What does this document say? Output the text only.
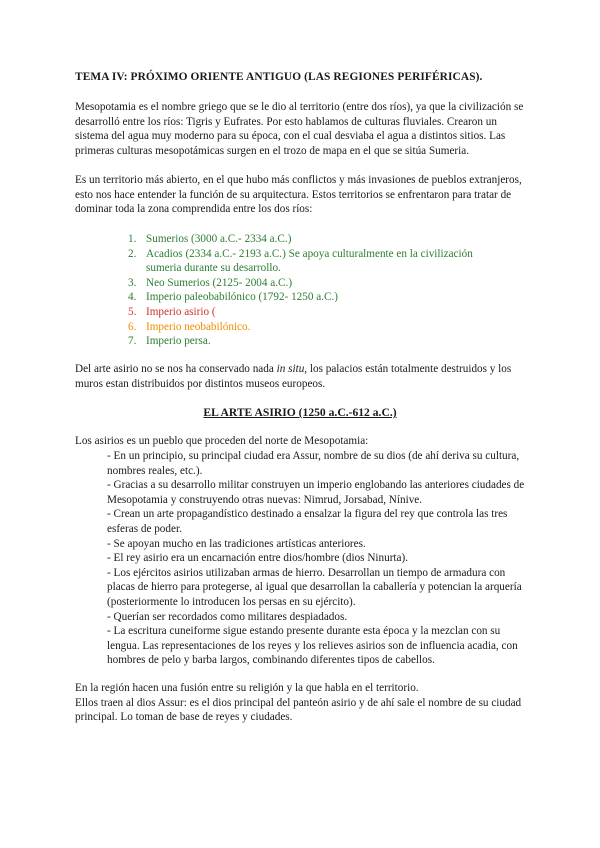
TEMA IV: PRÓXIMO ORIENTE ANTIGUO (LAS REGIONES PERIFÉRICAS).

Mesopotamia es el nombre griego que se le dio al territorio (entre dos ríos), ya que la civilización se desarrolló entre los ríos: Tigris y Eufrates. Por esto hablamos de culturas fluviales. Crearon un sistema del agua muy moderno para su época, con el cual desviaba el agua a distintos sitios. Las primeras culturas mesopotámicas surgen en el trozo de mapa en el que se sitúa Sumeria.

Es un territorio más abierto, en el que hubo más conflictos y más invasiones de pueblos extranjeros, esto nos hace entender la función de su arquitectura. Estos territorios se enfrentaron para tratar de dominar toda la zona comprendida entre los dos ríos:

1. Sumerios (3000 a.C.- 2334 a.C.)
2. Acadios (2334 a.C.- 2193 a.C.) Se apoya culturalmente en la civilización sumeria durante su desarrollo.
3. Neo Sumerios (2125- 2004 a.C.)
4. Imperio paleobabilónico (1792- 1250 a.C.)
5. Imperio asirio (
6. Imperio neobabilónico.
7. Imperio persa.

Del arte asirio no se nos ha conservado nada in situ, los palacios están totalmente destruidos y los muros estan distribuidos por distintos museos europeos.

EL ARTE ASIRIO (1250 a.C.-612 a.C.)

Los asirios es un pueblo que proceden del norte de Mesopotamia:

- En un principio, su principal ciudad era Assur, nombre de su dios (de ahí deriva su cultura, nombres reales, etc.).
- Gracias a su desarrollo militar construyen un imperio englobando las anteriores ciudades de Mesopotamia y construyendo otras nuevas: Nimrud, Jorsabad, Nínive.
- Crean un arte propagandístico destinado a ensalzar la figura del rey que controla las tres esferas de poder.
- Se apoyan mucho en las tradiciones artísticas anteriores.
- El rey asirio era un encarnación entre dios/hombre (dios Ninurta).
- Los ejércitos asirios utilizaban armas de hierro. Desarrollan un tiempo de armadura con placas de hierro para protegerse, al igual que desarrollan la caballería y potencian la arquería (posteriormente lo introducen los persas en su ejército).
- Querían ser recordados como militares despiadados.
- La escritura cuneiforme sigue estando presente durante esta época y la mezclan con su lengua. Las representaciones de los reyes y los relieves asirios son de influencia acadia, con hombres de pelo y barba largos, combinando diferentes tipos de cabellos.
En la región hacen una fusión entre su religión y la que habla en el territorio.
Ellos traen al dios Assur: es el dios principal del panteón asirio y de ahí sale el nombre de su ciudad principal. Lo toman de base de reyes y ciudades.
